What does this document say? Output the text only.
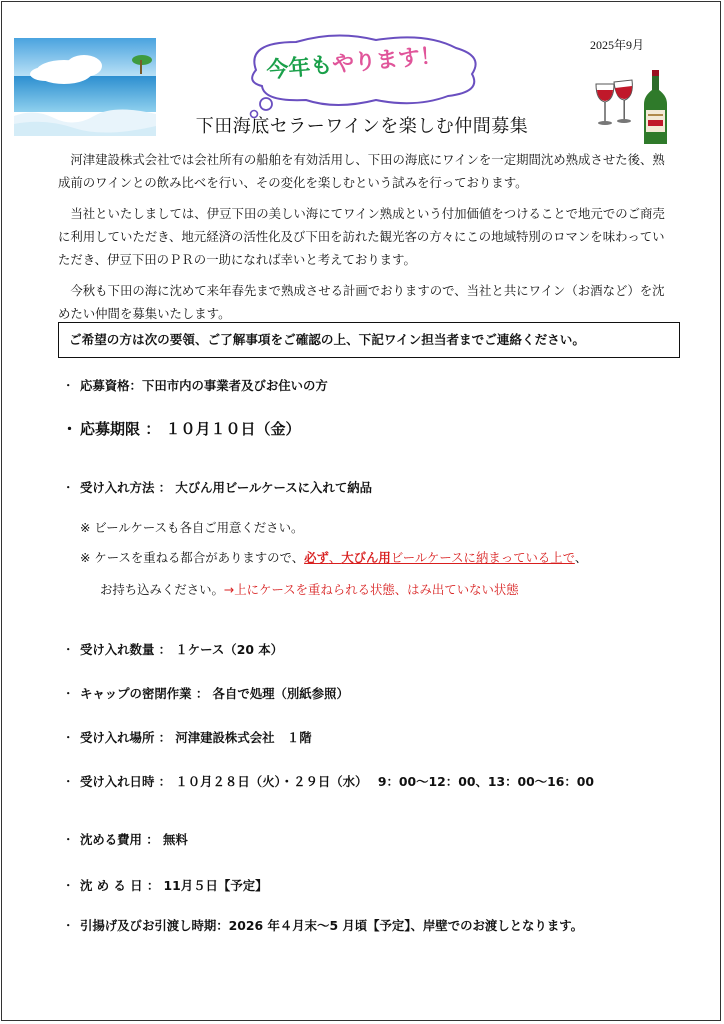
2025年9月
今年もやります！
下田海底セラーワインを楽しむ仲間募集

河津建設株式会社では会社所有の船舶を有効活用し、下田の海底にワインを一定期間沈め熟成させた後、熟成前のワインとの飲み比べを行い、その変化を楽しむという試みを行っております。

当社といたしましては、伊豆下田の美しい海にてワイン熟成という付加価値をつけることで地元でのご商売に利用していただき、地元経済の活性化及び下田を訪れた観光客の方々にこの地域特別のロマンを味わっていただき、伊豆下田のＰＲの一助になれば幸いと考えております。

今秋も下田の海に沈めて来年春先まで熟成させる計画でおりますので、当社と共にワイン（お酒など）を沈めたい仲間を募集いたします。

ご希望の方は次の要領、ご了解事項をご確認の上、下記ワイン担当者までご連絡ください。
・ 応募資格：下田市内の事業者及びお住いの方
・ 応募期限 ： １０月１０日（金）
・ 受け入れ方法 ： 大びん用ビールケースに入れて納品
※ ビールケースも各自ご用意ください。
※ ケースを重ねる都合がありますので、必ず、大びん用ビールケースに納まっている上で、
お持ち込みください。→上にケースを重ねられる状態、はみ出ていない状態
・ 受け入れ数量 ： １ケース（20 本）
・ キャップの密閉作業 ： 各自で処理（別紙参照）
・ 受け入れ場所 ： 河津建設株式会社　１階
・ 受け入れ日時 ： １０月２８日（火）・２９日（水）　 9：00～12：00、13：00～16：00
・ 沈める費用 ： 無料
・ 沈 め る 日 ： 11月５日【予定】
・ 引揚げ及びお引渡し時期：2026 年４月末～5 月頃【予定】、岸壁でのお渡しとなります。
